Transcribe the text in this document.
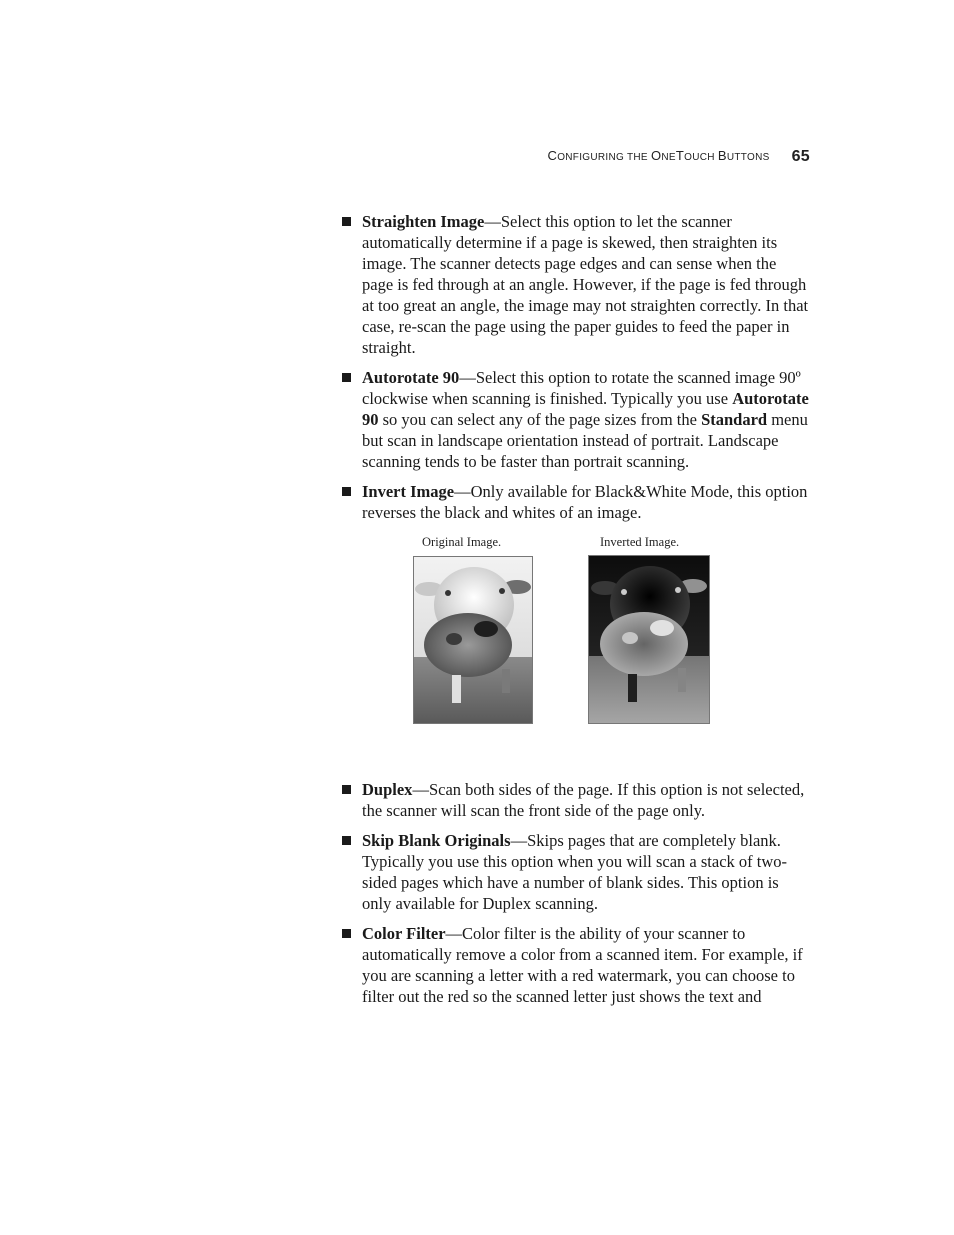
CONFIGURING THE ONETOUCH BUTTONS 65
Straighten Image—Select this option to let the scanner automatically determine if a page is skewed, then straighten its image. The scanner detects page edges and can sense when the page is fed through at an angle. However, if the page is fed through at too great an angle, the image may not straighten correctly. In that case, re-scan the page using the paper guides to feed the paper in straight.
Autorotate 90—Select this option to rotate the scanned image 90º clockwise when scanning is finished. Typically you use Autorotate 90 so you can select any of the page sizes from the Standard menu but scan in landscape orientation instead of portrait. Landscape scanning tends to be faster than portrait scanning.
Invert Image—Only available for Black&White Mode, this option reverses the black and whites of an image.
Original Image.	Inverted Image.
Duplex—Scan both sides of the page. If this option is not selected, the scanner will scan the front side of the page only.
Skip Blank Originals—Skips pages that are completely blank. Typically you use this option when you will scan a stack of two-sided pages which have a number of blank sides. This option is only available for Duplex scanning.
Color Filter—Color filter is the ability of your scanner to automatically remove a color from a scanned item. For example, if you are scanning a letter with a red watermark, you can choose to filter out the red so the scanned letter just shows the text and
